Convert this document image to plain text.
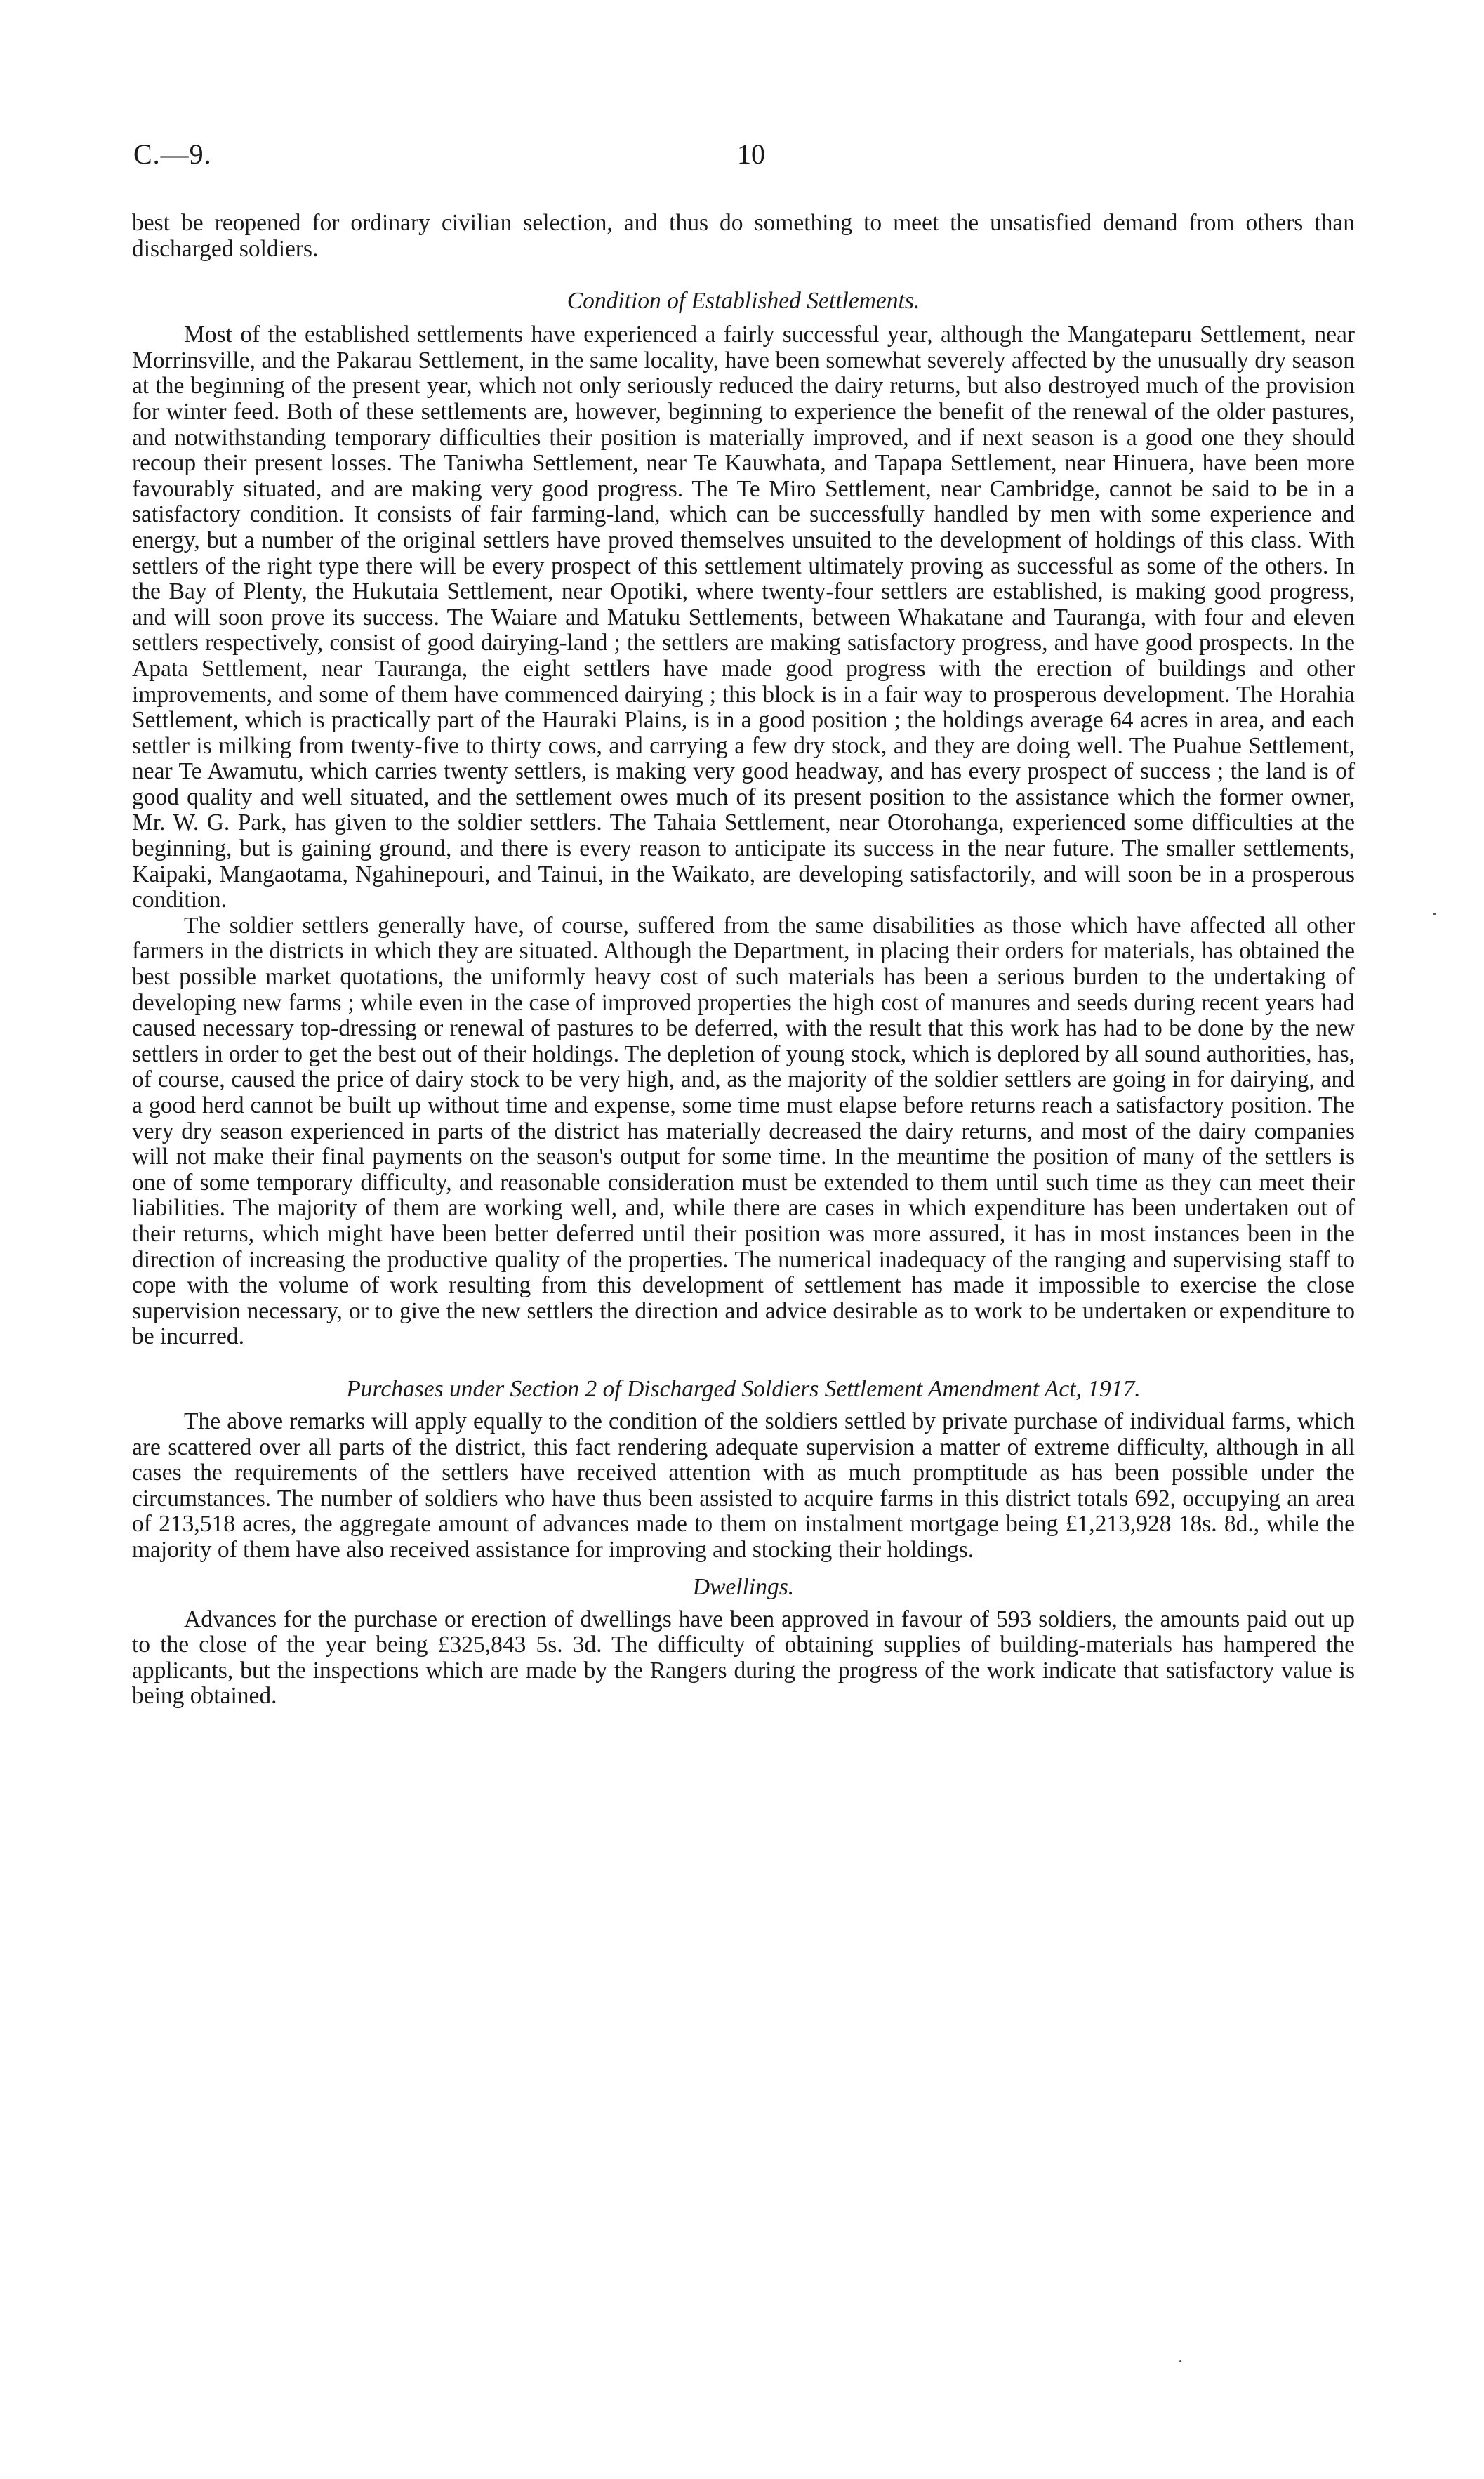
C.—9.	10

best be reopened for ordinary civilian selection, and thus do something to meet the unsatisfied demand from others than discharged soldiers.

Condition of Established Settlements.

Most of the established settlements have experienced a fairly successful year, although the Mangateparu Settlement, near Morrinsville, and the Pakarau Settlement, in the same locality, have been somewhat severely affected by the unusually dry season at the beginning of the present year, which not only seriously reduced the dairy returns, but also destroyed much of the provision for winter feed. Both of these settlements are, however, beginning to experience the benefit of the renewal of the older pastures, and notwithstanding temporary difficulties their position is materially improved, and if next season is a good one they should recoup their present losses. The Taniwha Settlement, near Te Kauwhata, and Tapapa Settlement, near Hinuera, have been more favourably situated, and are making very good progress. The Te Miro Settlement, near Cambridge, cannot be said to be in a satisfactory condition. It consists of fair farming-land, which can be successfully handled by men with some experience and energy, but a number of the original settlers have proved themselves unsuited to the development of holdings of this class. With settlers of the right type there will be every prospect of this settlement ultimately proving as successful as some of the others. In the Bay of Plenty, the Hukutaia Settlement, near Opotiki, where twenty-four settlers are established, is making good progress, and will soon prove its success. The Waiare and Matuku Settlements, between Whakatane and Tauranga, with four and eleven settlers respectively, consist of good dairying-land ; the settlers are making satisfactory progress, and have good prospects. In the Apata Settlement, near Tauranga, the eight settlers have made good progress with the erection of buildings and other improvements, and some of them have commenced dairying ; this block is in a fair way to prosperous development. The Horahia Settlement, which is practically part of the Hauraki Plains, is in a good position ; the holdings average 64 acres in area, and each settler is milking from twenty-five to thirty cows, and carrying a few dry stock, and they are doing well. The Puahue Settlement, near Te Awamutu, which carries twenty settlers, is making very good headway, and has every prospect of success ; the land is of good quality and well situated, and the settlement owes much of its present position to the assistance which the former owner, Mr. W. G. Park, has given to the soldier settlers. The Tahaia Settlement, near Otorohanga, experienced some difficulties at the beginning, but is gaining ground, and there is every reason to anticipate its success in the near future. The smaller settlements, Kaipaki, Mangaotama, Ngahinepouri, and Tainui, in the Waikato, are developing satisfactorily, and will soon be in a prosperous condition.

The soldier settlers generally have, of course, suffered from the same disabilities as those which have affected all other farmers in the districts in which they are situated. Although the Department, in placing their orders for materials, has obtained the best possible market quotations, the uniformly heavy cost of such materials has been a serious burden to the undertaking of developing new farms ; while even in the case of improved properties the high cost of manures and seeds during recent years had caused necessary top-dressing or renewal of pastures to be deferred, with the result that this work has had to be done by the new settlers in order to get the best out of their holdings. The depletion of young stock, which is deplored by all sound authorities, has, of course, caused the price of dairy stock to be very high, and, as the majority of the soldier settlers are going in for dairying, and a good herd cannot be built up without time and expense, some time must elapse before returns reach a satisfactory position. The very dry season experienced in parts of the district has materially decreased the dairy returns, and most of the dairy companies will not make their final payments on the season's output for some time. In the meantime the position of many of the settlers is one of some temporary difficulty, and reasonable consideration must be extended to them until such time as they can meet their liabilities. The majority of them are working well, and, while there are cases in which expenditure has been undertaken out of their returns, which might have been better deferred until their position was more assured, it has in most instances been in the direction of increasing the productive quality of the properties. The numerical inadequacy of the ranging and supervising staff to cope with the volume of work resulting from this development of settlement has made it impossible to exercise the close supervision necessary, or to give the new settlers the direction and advice desirable as to work to be undertaken or expenditure to be incurred.

Purchases under Section 2 of Discharged Soldiers Settlement Amendment Act, 1917.

The above remarks will apply equally to the condition of the soldiers settled by private purchase of individual farms, which are scattered over all parts of the district, this fact rendering adequate supervision a matter of extreme difficulty, although in all cases the requirements of the settlers have received attention with as much promptitude as has been possible under the circumstances. The number of soldiers who have thus been assisted to acquire farms in this district totals 692, occupying an area of 213,518 acres, the aggregate amount of advances made to them on instalment mortgage being £1,213,928 18s. 8d., while the majority of them have also received assistance for improving and stocking their holdings.

Dwellings.

Advances for the purchase or erection of dwellings have been approved in favour of 593 soldiers, the amounts paid out up to the close of the year being £325,843 5s. 3d. The difficulty of obtaining supplies of building-materials has hampered the applicants, but the inspections which are made by the Rangers during the progress of the work indicate that satisfactory value is being obtained.
